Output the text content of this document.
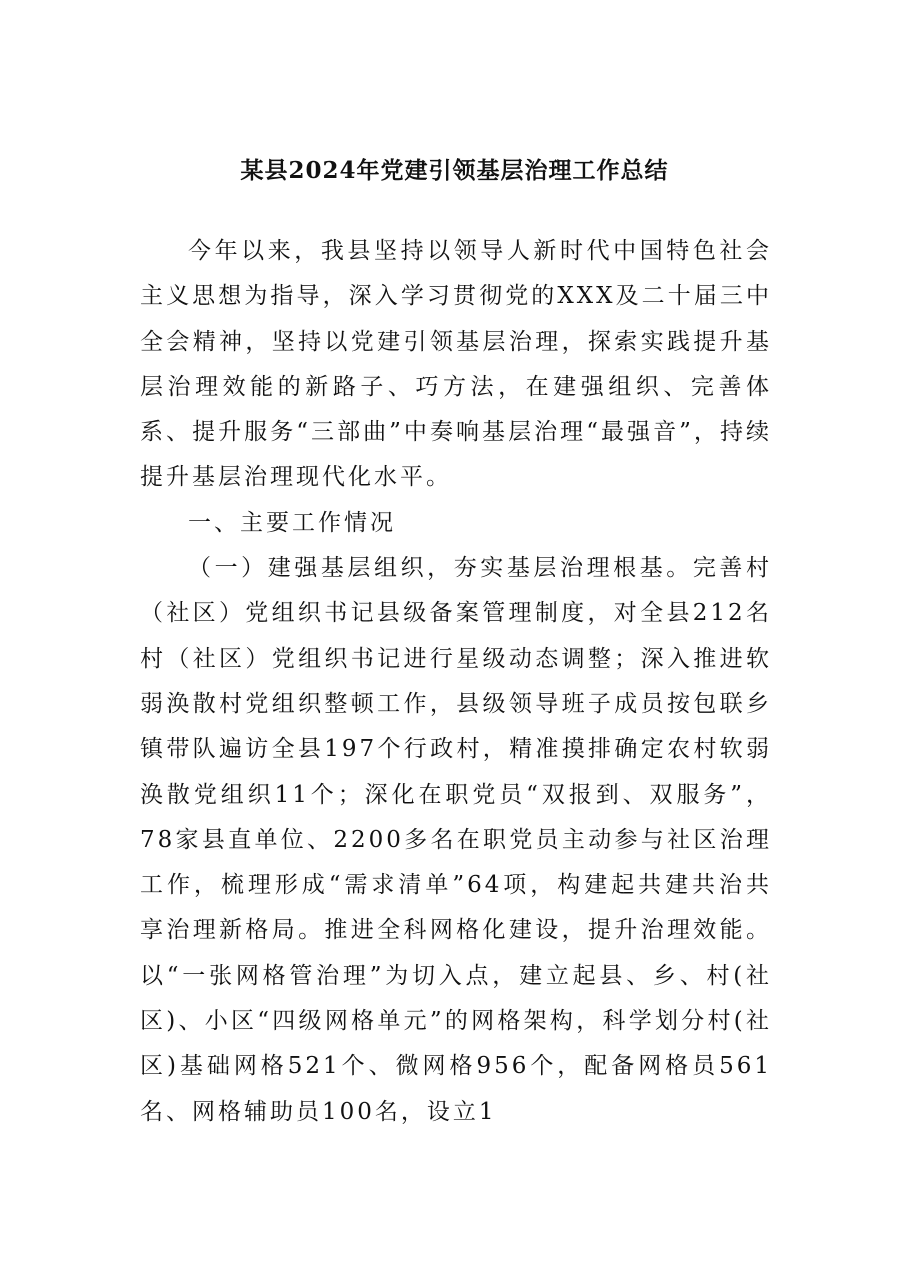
某县2024年党建引领基层治理工作总结

今年以来，我县坚持以领导人新时代中国特色社会主义思想为指导，深入学习贯彻党的XXX及二十届三中全会精神，坚持以党建引领基层治理，探索实践提升基层治理效能的新路子、巧方法，在建强组织、完善体系、提升服务“三部曲”中奏响基层治理“最强音”，持续提升基层治理现代化水平。

一、主要工作情况

（一）建强基层组织，夯实基层治理根基。完善村（社区）党组织书记县级备案管理制度，对全县212名村（社区）党组织书记进行星级动态调整；深入推进软弱涣散村党组织整顿工作，县级领导班子成员按包联乡镇带队遍访全县197个行政村，精准摸排确定农村软弱涣散党组织11个；深化在职党员“双报到、双服务”，78家县直单位、2200多名在职党员主动参与社区治理工作，梳理形成“需求清单”64项，构建起共建共治共享治理新格局。推进全科网格化建设，提升治理效能。以“一张网格管治理”为切入点，建立起县、乡、村(社区)、小区“四级网格单元”的网格架构，科学划分村(社区)基础网格521个、微网格956个，配备网格员561名、网格辅助员100名，设立1
